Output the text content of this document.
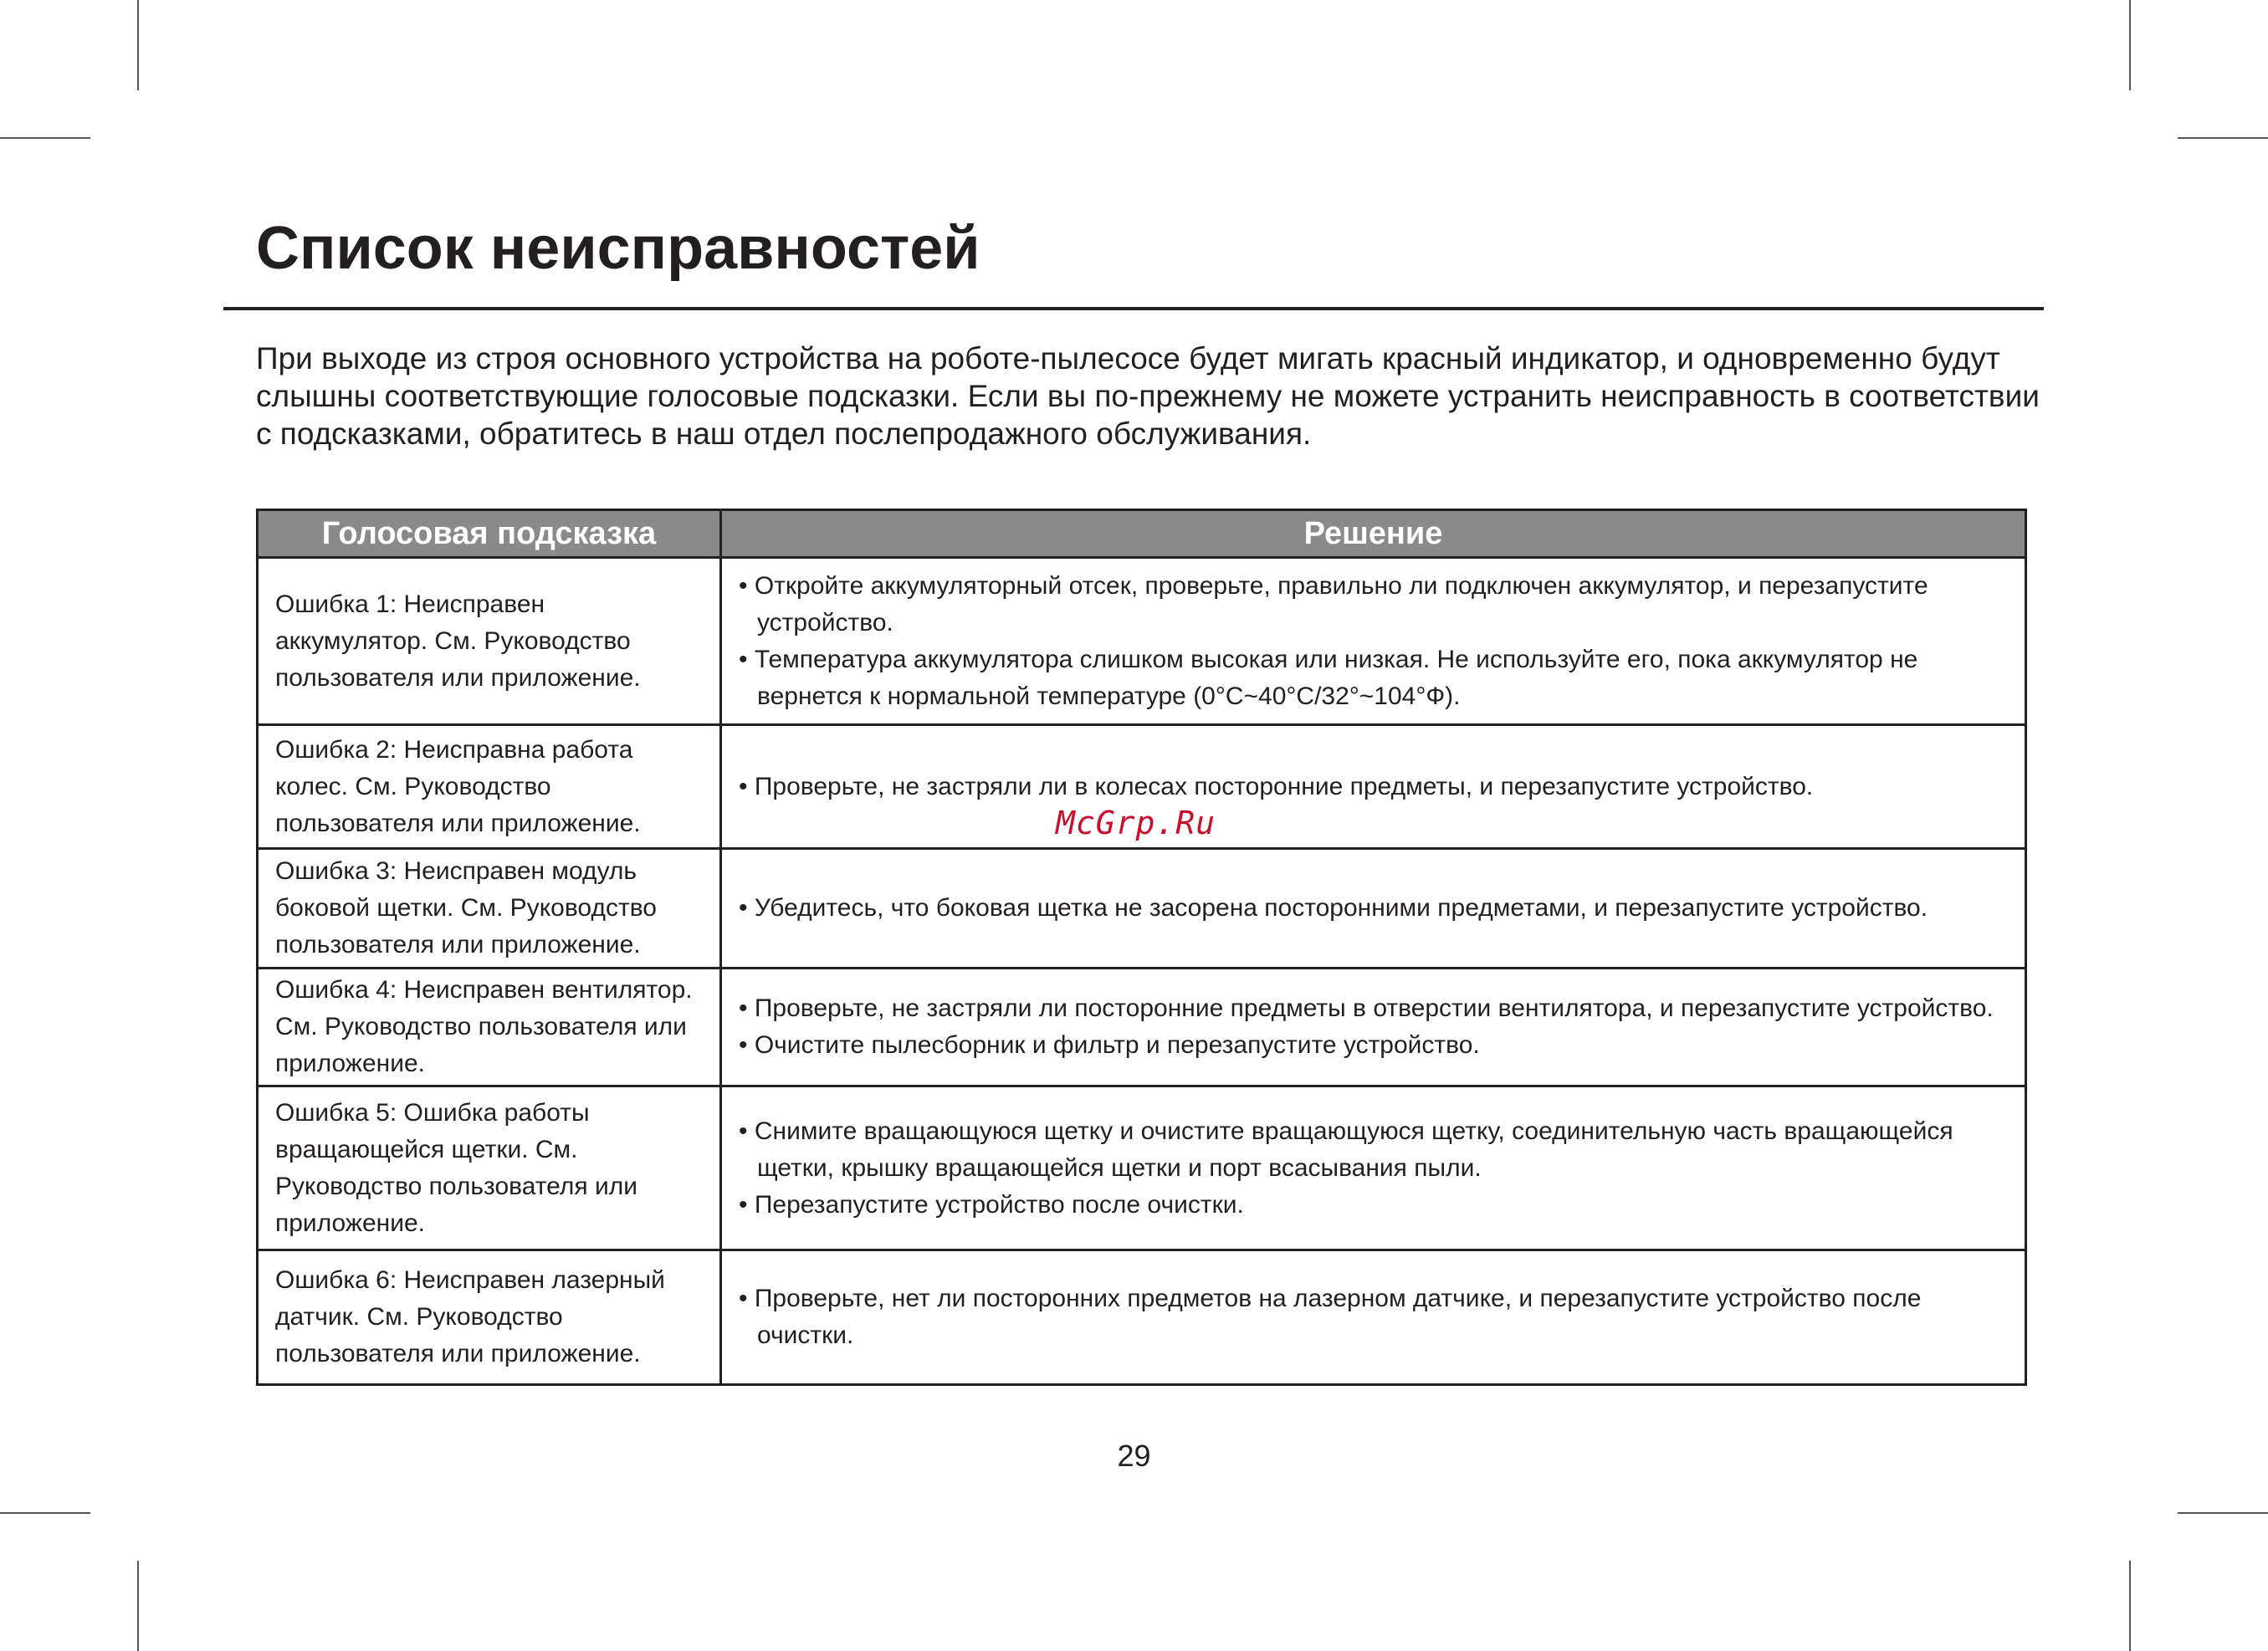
Список неисправностей

При выходе из строя основного устройства на роботе-пылесосе будет мигать красный индикатор, и одновременно будут слышны соответствующие голосовые подсказки. Если вы по-прежнему не можете устранить неисправность в соответствии с подсказками, обратитесь в наш отдел послепродажного обслуживания.

Голосовая подсказка	Решение
Ошибка 1: Неисправен аккумулятор. См. Руководство пользователя или приложение.	• Откройте аккумуляторный отсек, проверьте, правильно ли подключен аккумулятор, и перезапустите устройство.
• Температура аккумулятора слишком высокая или низкая. Не используйте его, пока аккумулятор не вернется к нормальной температуре (0°C~40°C/32°~104°Ф).

Ошибка 2: Неисправна работа колес. См. Руководство пользователя или приложение.	• Проверьте, не застряли ли в колесах посторонние предметы, и перезапустите устройство.

Ошибка 3: Неисправен модуль боковой щетки. См. Руководство пользователя или приложение.	• Убедитесь, что боковая щетка не засорена посторонними предметами, и перезапустите устройство.

Ошибка 4: Неисправен вентилятор. См. Руководство пользователя или приложение.	• Проверьте, не застряли ли посторонние предметы в отверстии вентилятора, и перезапустите устройство.
• Очистите пылесборник и фильтр и перезапустите устройство.

Ошибка 5: Ошибка работы вращающейся щетки. См. Руководство пользователя или приложение.	• Снимите вращающуюся щетку и очистите вращающуюся щетку, соединительную часть вращающейся щетки, крышку вращающейся щетки и порт всасывания пыли.
• Перезапустите устройство после очистки.

Ошибка 6: Неисправен лазерный датчик. См. Руководство пользователя или приложение.	• Проверьте, нет ли посторонних предметов на лазерном датчике, и перезапустите устройство после очистки.
McGrp.Ru
29
